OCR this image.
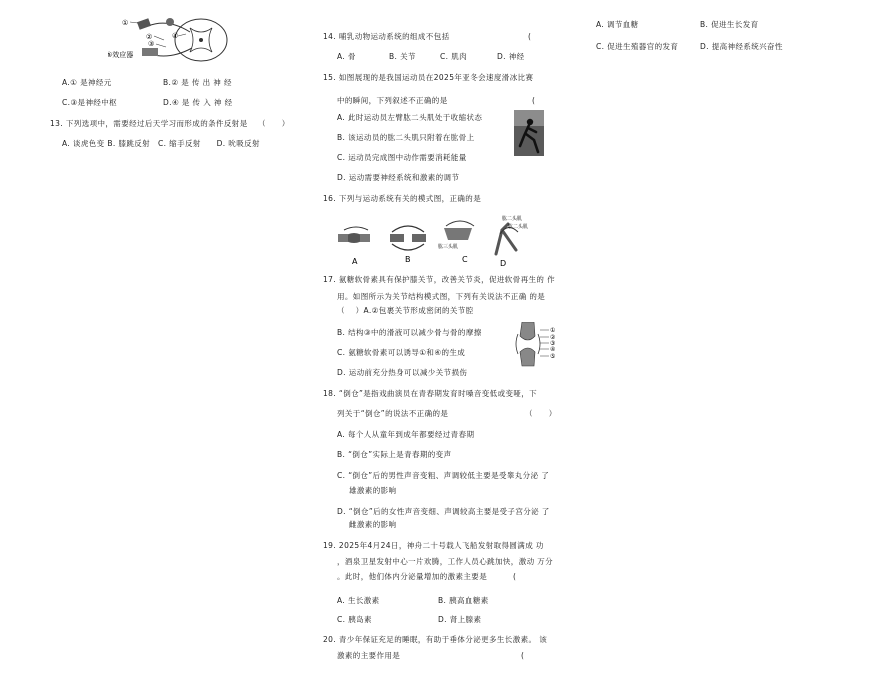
①
②
③
④
⑤效应器
A.① 是神经元	B.② 是 传 出 神 经
C.③是神经中枢	D.④ 是 传 入 神 经
13. 下列选项中，需要经过后天学习而形成的条件反射是 （　　）
A. 谈虎色变 B. 膝跳反射　C. 缩手反射　　D. 吮吸反射
14. 哺乳动物运动系统的组成不包括	(
A. 骨	B. 关节	C. 肌肉	D. 神经
15. 如图展现的是我国运动员在2025年亚冬会速度滑冰比赛
中的瞬间，下列叙述不正确的是	(
A. 此时运动员左臂肱二头肌处于收缩状态
B. 该运动员的肱二头肌只附着在肱骨上
C. 运动员完成图中动作需要消耗能量
D. 运动需要神经系统和激素的调节
16. 下列与运动系统有关的模式图，正确的是
A	B	C	D
肱二头肌
肱三头肌
肱二头肌
17. 氨糖软骨素具有保护膝关节，改善关节炎，促进软骨再生的 作
用。如图所示为关节结构模式图，下列有关说法不正确 的是
（　 ）A.②包裹关节形成密闭的关节腔
B. 结构③中的滑液可以减少骨与骨的摩擦
C. 氨糖软骨素可以诱导①和④的生成
D. 运动前充分热身可以减少关节损伤
①
②
③
④
⑤
18. “倒仓”是指戏曲演员在青春期发育时嗓音变低或变哑，下
列关于“倒仓”的说法不正确的是	（　　）
A. 每个人从童年到成年都要经过青春期
B. “倒仓”实际上是青春期的变声
C. “倒仓”后的男性声音变粗、声调较低主要是受睾丸分泌 了
雄激素的影响
D. “倒仓”后的女性声音变细、声调较高主要是受子宫分泌 了
雌激素的影响
19. 2025年4月24日，神舟二十号载人飞船发射取得圆满成 功
，酒泉卫星发射中心一片欢腾，工作人员心跳加快，激动 万分
。此时，他们体内分泌量增加的激素主要是	(
A. 生长激素	B. 胰高血糖素
C. 胰岛素	D. 肾上腺素
20. 青少年保证充足的睡眠，有助于垂体分泌更多生长激素。 该
激素的主要作用是	(
A. 调节血糖	B. 促进生长发育
C. 促进生殖器官的发育	D. 提高神经系统兴奋性
